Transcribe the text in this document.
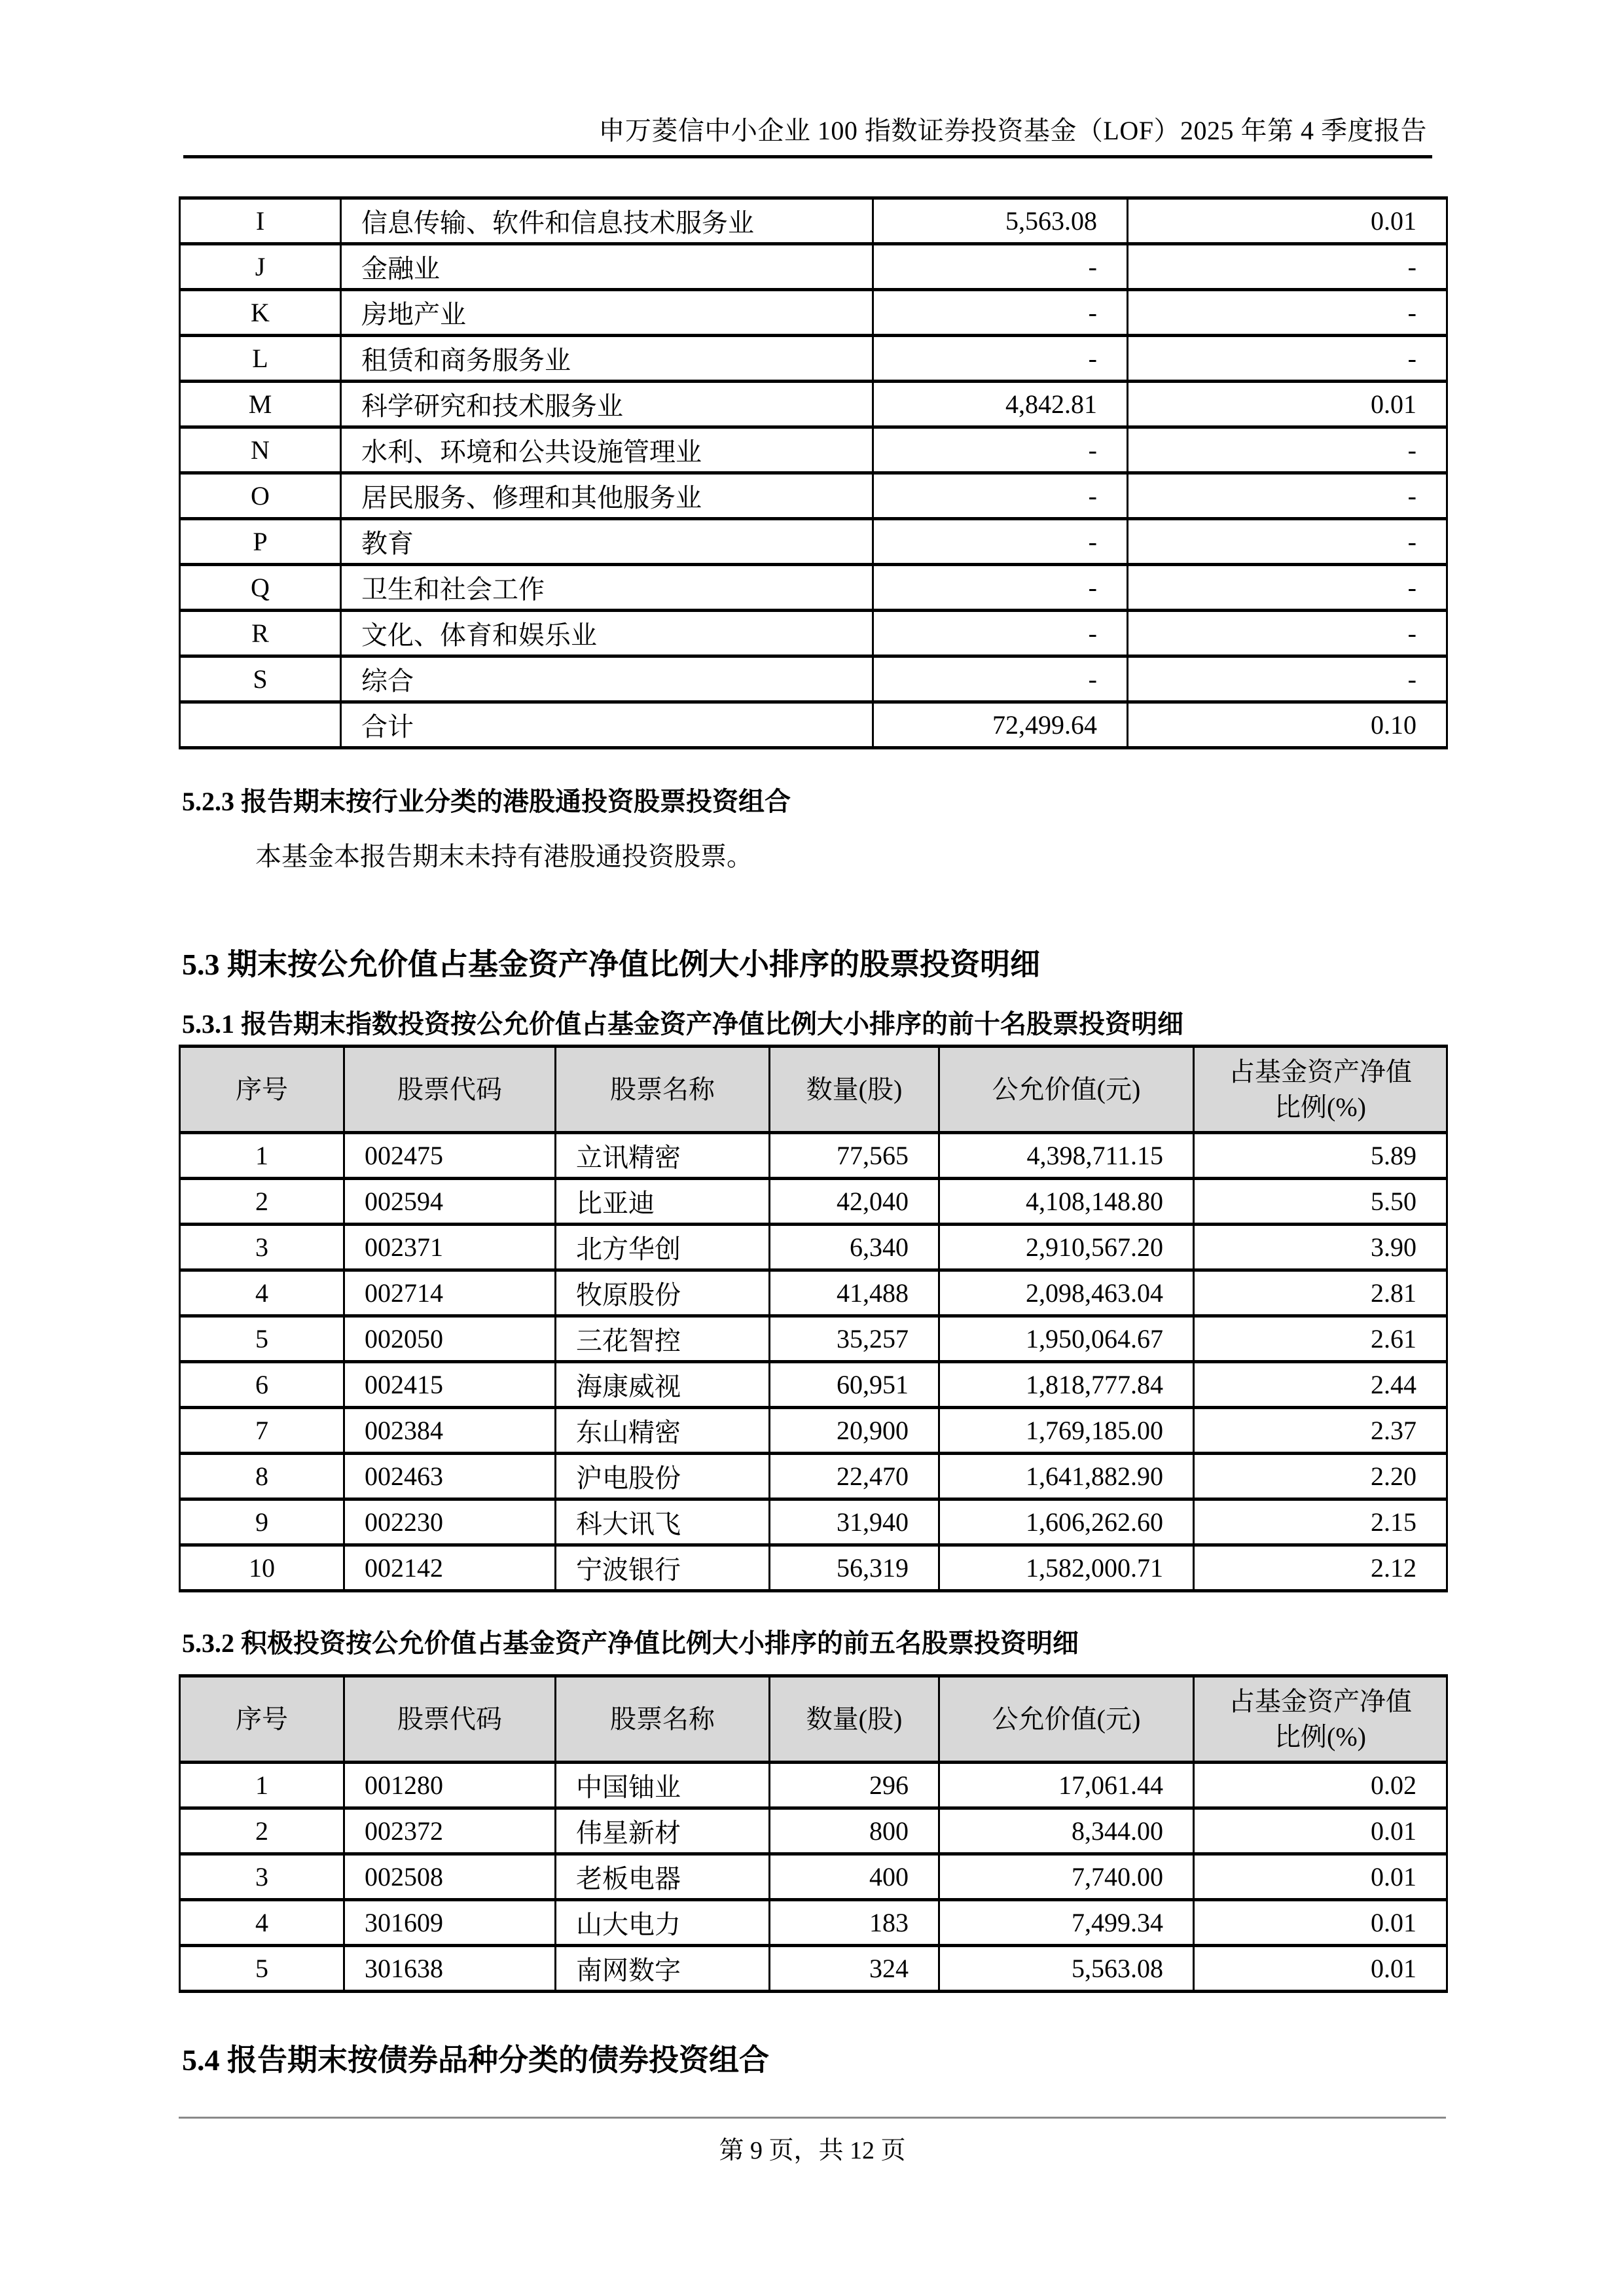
申万菱信中小企业 100 指数证券投资基金（LOF）2025 年第 4 季度报告
I	信息传输、软件和信息技术服务业	5,563.08	0.01
J	金融业	-	-
K	房地产业	-	-
L	租赁和商务服务业	-	-
M	科学研究和技术服务业	4,842.81	0.01
N	水利、环境和公共设施管理业	-	-
O	居民服务、修理和其他服务业	-	-
P	教育	-	-
Q	卫生和社会工作	-	-
R	文化、体育和娱乐业	-	-
S	综合	-	-
	合计	72,499.64	0.10
5.2.3 报告期末按行业分类的港股通投资股票投资组合

本基金本报告期末未持有港股通投资股票。

5.3 期末按公允价值占基金资产净值比例大小排序的股票投资明细
5.3.1 报告期末指数投资按公允价值占基金资产净值比例大小排序的前十名股票投资明细
序号	股票代码	股票名称	数量(股)	公允价值(元)	占基金资产净值
比例(%)

1	002475	立讯精密	77,565	4,398,711.15	5.89
2	002594	比亚迪	42,040	4,108,148.80	5.50
3	002371	北方华创	6,340	2,910,567.20	3.90
4	002714	牧原股份	41,488	2,098,463.04	2.81
5	002050	三花智控	35,257	1,950,064.67	2.61
6	002415	海康威视	60,951	1,818,777.84	2.44
7	002384	东山精密	20,900	1,769,185.00	2.37
8	002463	沪电股份	22,470	1,641,882.90	2.20
9	002230	科大讯飞	31,940	1,606,262.60	2.15
10	002142	宁波银行	56,319	1,582,000.71	2.12
5.3.2 积极投资按公允价值占基金资产净值比例大小排序的前五名股票投资明细
序号	股票代码	股票名称	数量(股)	公允价值(元)	占基金资产净值
比例(%)

1	001280	中国铀业	296	17,061.44	0.02
2	002372	伟星新材	800	8,344.00	0.01
3	002508	老板电器	400	7,740.00	0.01
4	301609	山大电力	183	7,499.34	0.01
5	301638	南网数字	324	5,563.08	0.01
5.4 报告期末按债券品种分类的债券投资组合
第 9 页，共 12 页
